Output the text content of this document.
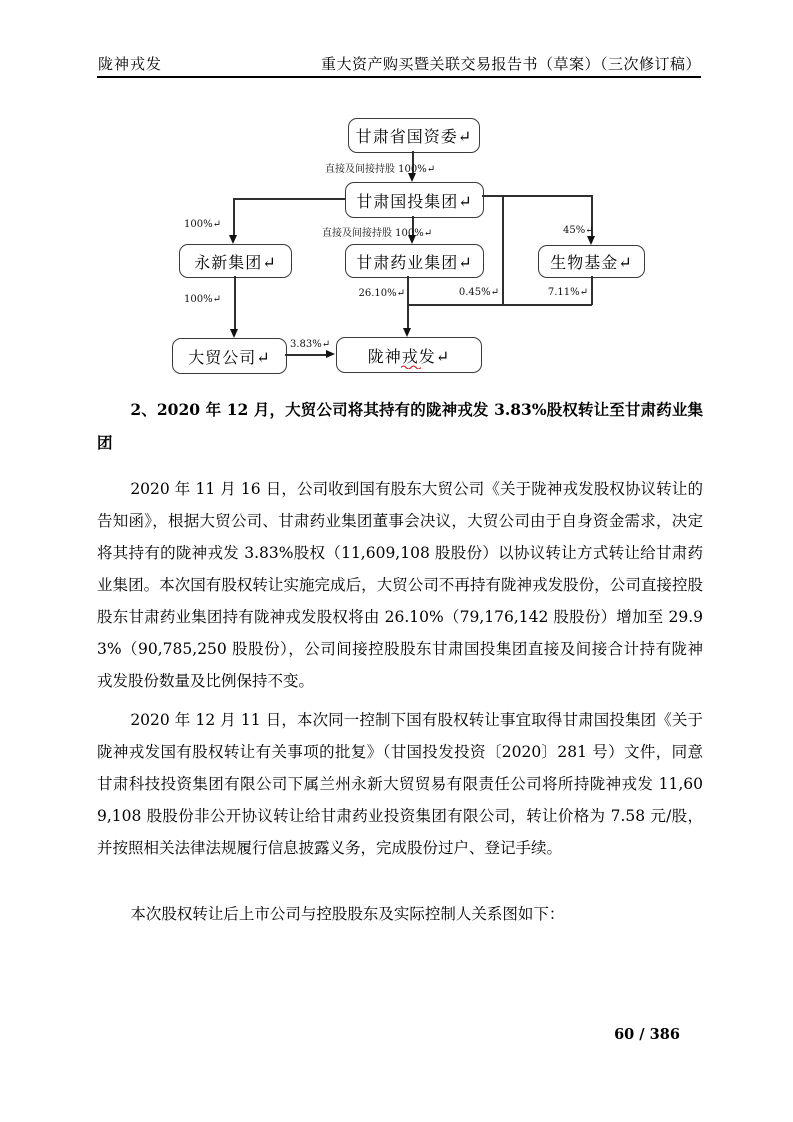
陇神戎发	重大资产购买暨关联交易报告书（草案）（三次修订稿）
甘肃省国资委↵
甘肃国投集团↵
永新集团↵	甘肃药业集团↵	生物基金↵
大贸公司↵	陇神戎发↵
直接及间接持股 100%↵
100%↵
直接及间接持股 100%↵	45%↵
100%↵
26.10%↵	0.45%↵	7.11%↵
3.83%↵
2、2020 年 12 月，大贸公司将其持有的陇神戎发 3.83%股权转让至甘肃药业集团
2020 年 11 月 16 日，公司收到国有股东大贸公司《关于陇神戎发股权协议转让的告知函》，根据大贸公司、甘肃药业集团董事会决议，大贸公司由于自身资金需求，决定将其持有的陇神戎发 3.83%股权（11,609,108 股股份）以协议转让方式转让给甘肃药业集团。本次国有股权转让实施完成后，大贸公司不再持有陇神戎发股份，公司直接控股股东甘肃药业集团持有陇神戎发股权将由 26.10%（79,176,142 股股份）增加至 29.93%（90,785,250 股股份），公司间接控股股东甘肃国投集团直接及间接合计持有陇神戎发股份数量及比例保持不变。
2020 年 12 月 11 日，本次同一控制下国有股权转让事宜取得甘肃国投集团《关于陇神戎发国有股权转让有关事项的批复》（甘国投发投资〔2020〕281 号）文件，同意甘肃科技投资集团有限公司下属兰州永新大贸贸易有限责任公司将所持陇神戎发 11,609,108 股股份非公开协议转让给甘肃药业投资集团有限公司，转让价格为 7.58 元/股，并按照相关法律法规履行信息披露义务，完成股份过户、登记手续。
本次股权转让后上市公司与控股股东及实际控制人关系图如下：
60 / 386
